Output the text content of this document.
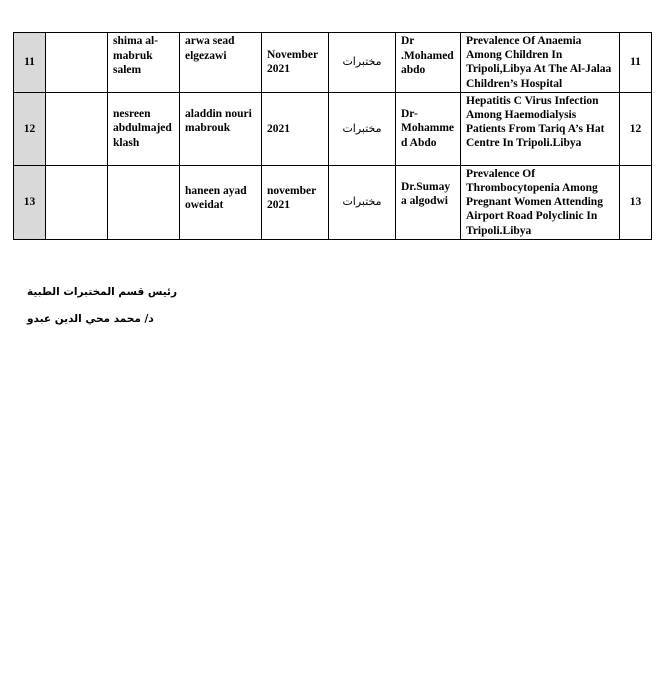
11		shima al-mabruk salem	arwa sead elgezawi	November 2021	مختبرات	Dr .Mohamed abdo	Prevalence Of Anaemia Among Children In Tripoli,Libya At The Al-Jalaa Children’s Hospital	11
12		nesreen abdulmajed klash	aladdin nouri mabrouk	2021	مختبرات	Dr-Mohammed Abdo	Hepatitis C Virus Infection Among Haemodialysis Patients From Tariq A’s Hat Centre In Tripoli.Libya	12
13			haneen ayad oweidat	november 2021	مختبرات	Dr.Sumaya algodwi	Prevalence Of Thrombocytopenia Among Pregnant Women Attending Airport Road Polyclinic In Tripoli.Libya	13
رئيس قسم المختبرات الطبية
د/ محمد محي الدين عبدو
